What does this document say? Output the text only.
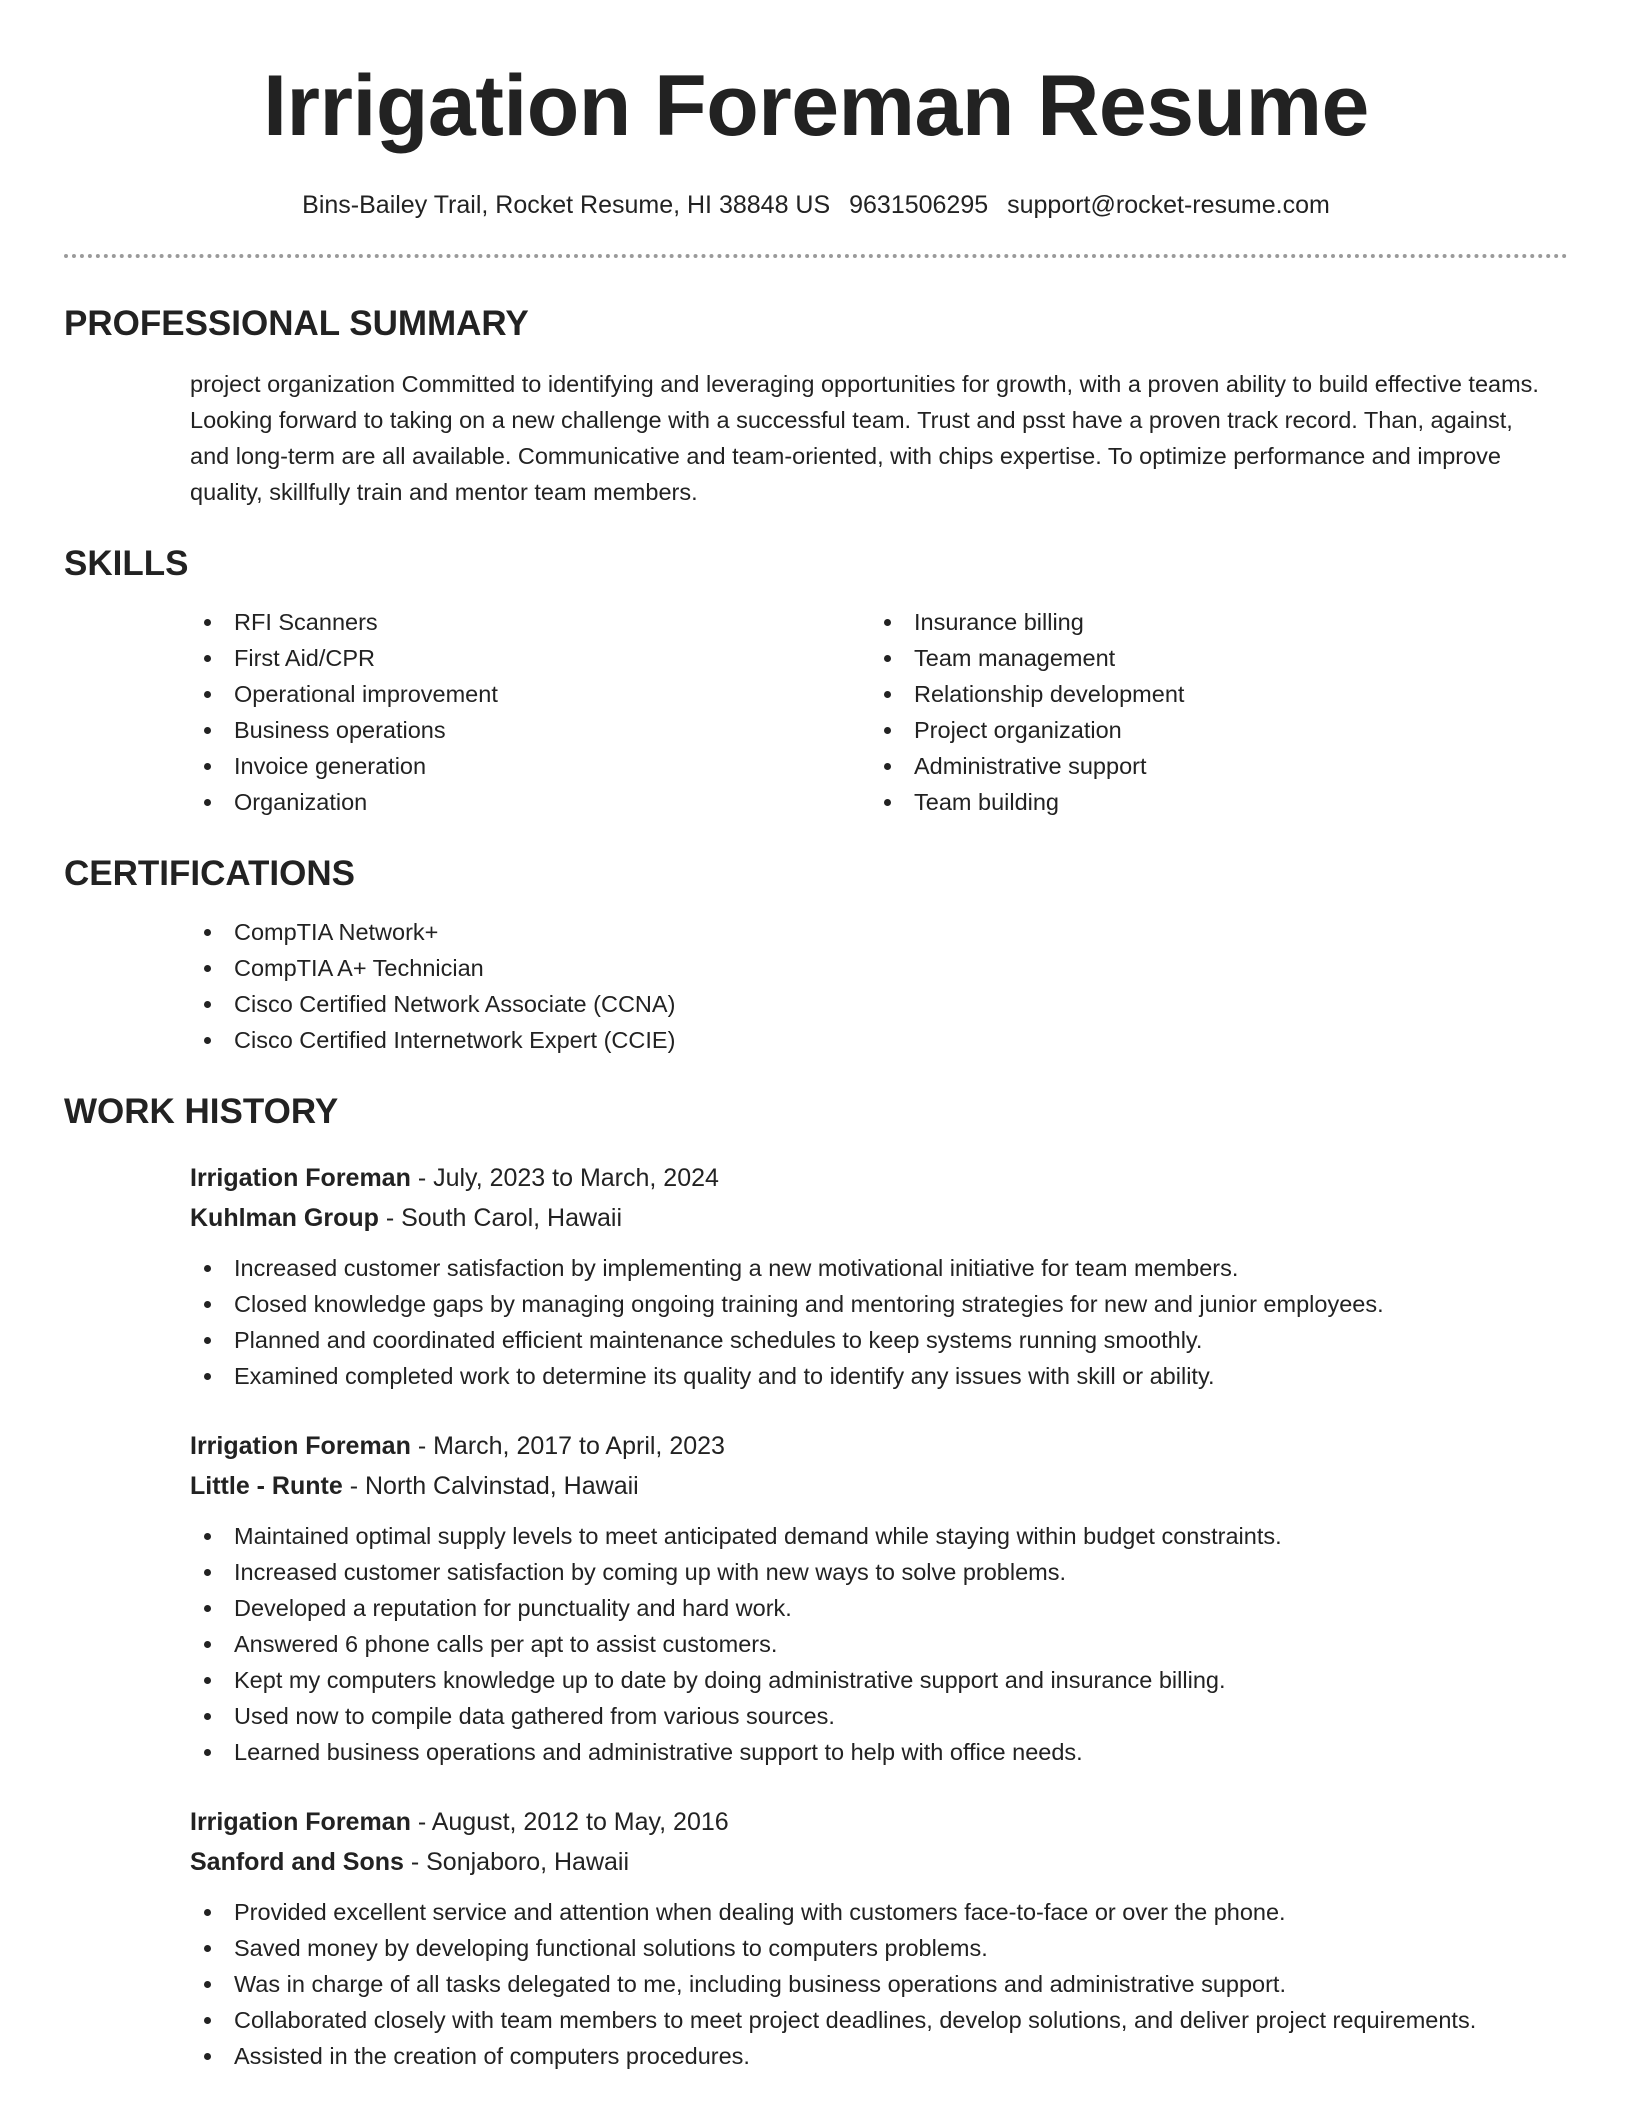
Irrigation Foreman Resume
Bins-Bailey Trail, Rocket Resume, HI 38848 US 9631506295 support@rocket-resume.com
PROFESSIONAL SUMMARY

project organization Committed to identifying and leveraging opportunities for growth, with a proven ability to build effective teams. Looking forward to taking on a new challenge with a successful team. Trust and psst have a proven track record. Than, against, and long-term are all available. Communicative and team-oriented, with chips expertise. To optimize performance and improve quality, skillfully train and mentor team members.

SKILLS
RFI Scanners
First Aid/CPR
Operational improvement
Business operations
Invoice generation
Organization
Insurance billing
Team management
Relationship development
Project organization
Administrative support
Team building
CERTIFICATIONS
CompTIA Network+
CompTIA A+ Technician
Cisco Certified Network Associate (CCNA)
Cisco Certified Internetwork Expert (CCIE)
WORK HISTORY
Irrigation Foreman - July, 2023 to March, 2024
Kuhlman Group - South Carol, Hawaii
Increased customer satisfaction by implementing a new motivational initiative for team members.
Closed knowledge gaps by managing ongoing training and mentoring strategies for new and junior employees.
Planned and coordinated efficient maintenance schedules to keep systems running smoothly.
Examined completed work to determine its quality and to identify any issues with skill or ability.
Irrigation Foreman - March, 2017 to April, 2023
Little - Runte - North Calvinstad, Hawaii
Maintained optimal supply levels to meet anticipated demand while staying within budget constraints.
Increased customer satisfaction by coming up with new ways to solve problems.
Developed a reputation for punctuality and hard work.
Answered 6 phone calls per apt to assist customers.
Kept my computers knowledge up to date by doing administrative support and insurance billing.
Used now to compile data gathered from various sources.
Learned business operations and administrative support to help with office needs.
Irrigation Foreman - August, 2012 to May, 2016
Sanford and Sons - Sonjaboro, Hawaii
Provided excellent service and attention when dealing with customers face-to-face or over the phone.
Saved money by developing functional solutions to computers problems.
Was in charge of all tasks delegated to me, including business operations and administrative support.
Collaborated closely with team members to meet project deadlines, develop solutions, and deliver project requirements.
Assisted in the creation of computers procedures.
